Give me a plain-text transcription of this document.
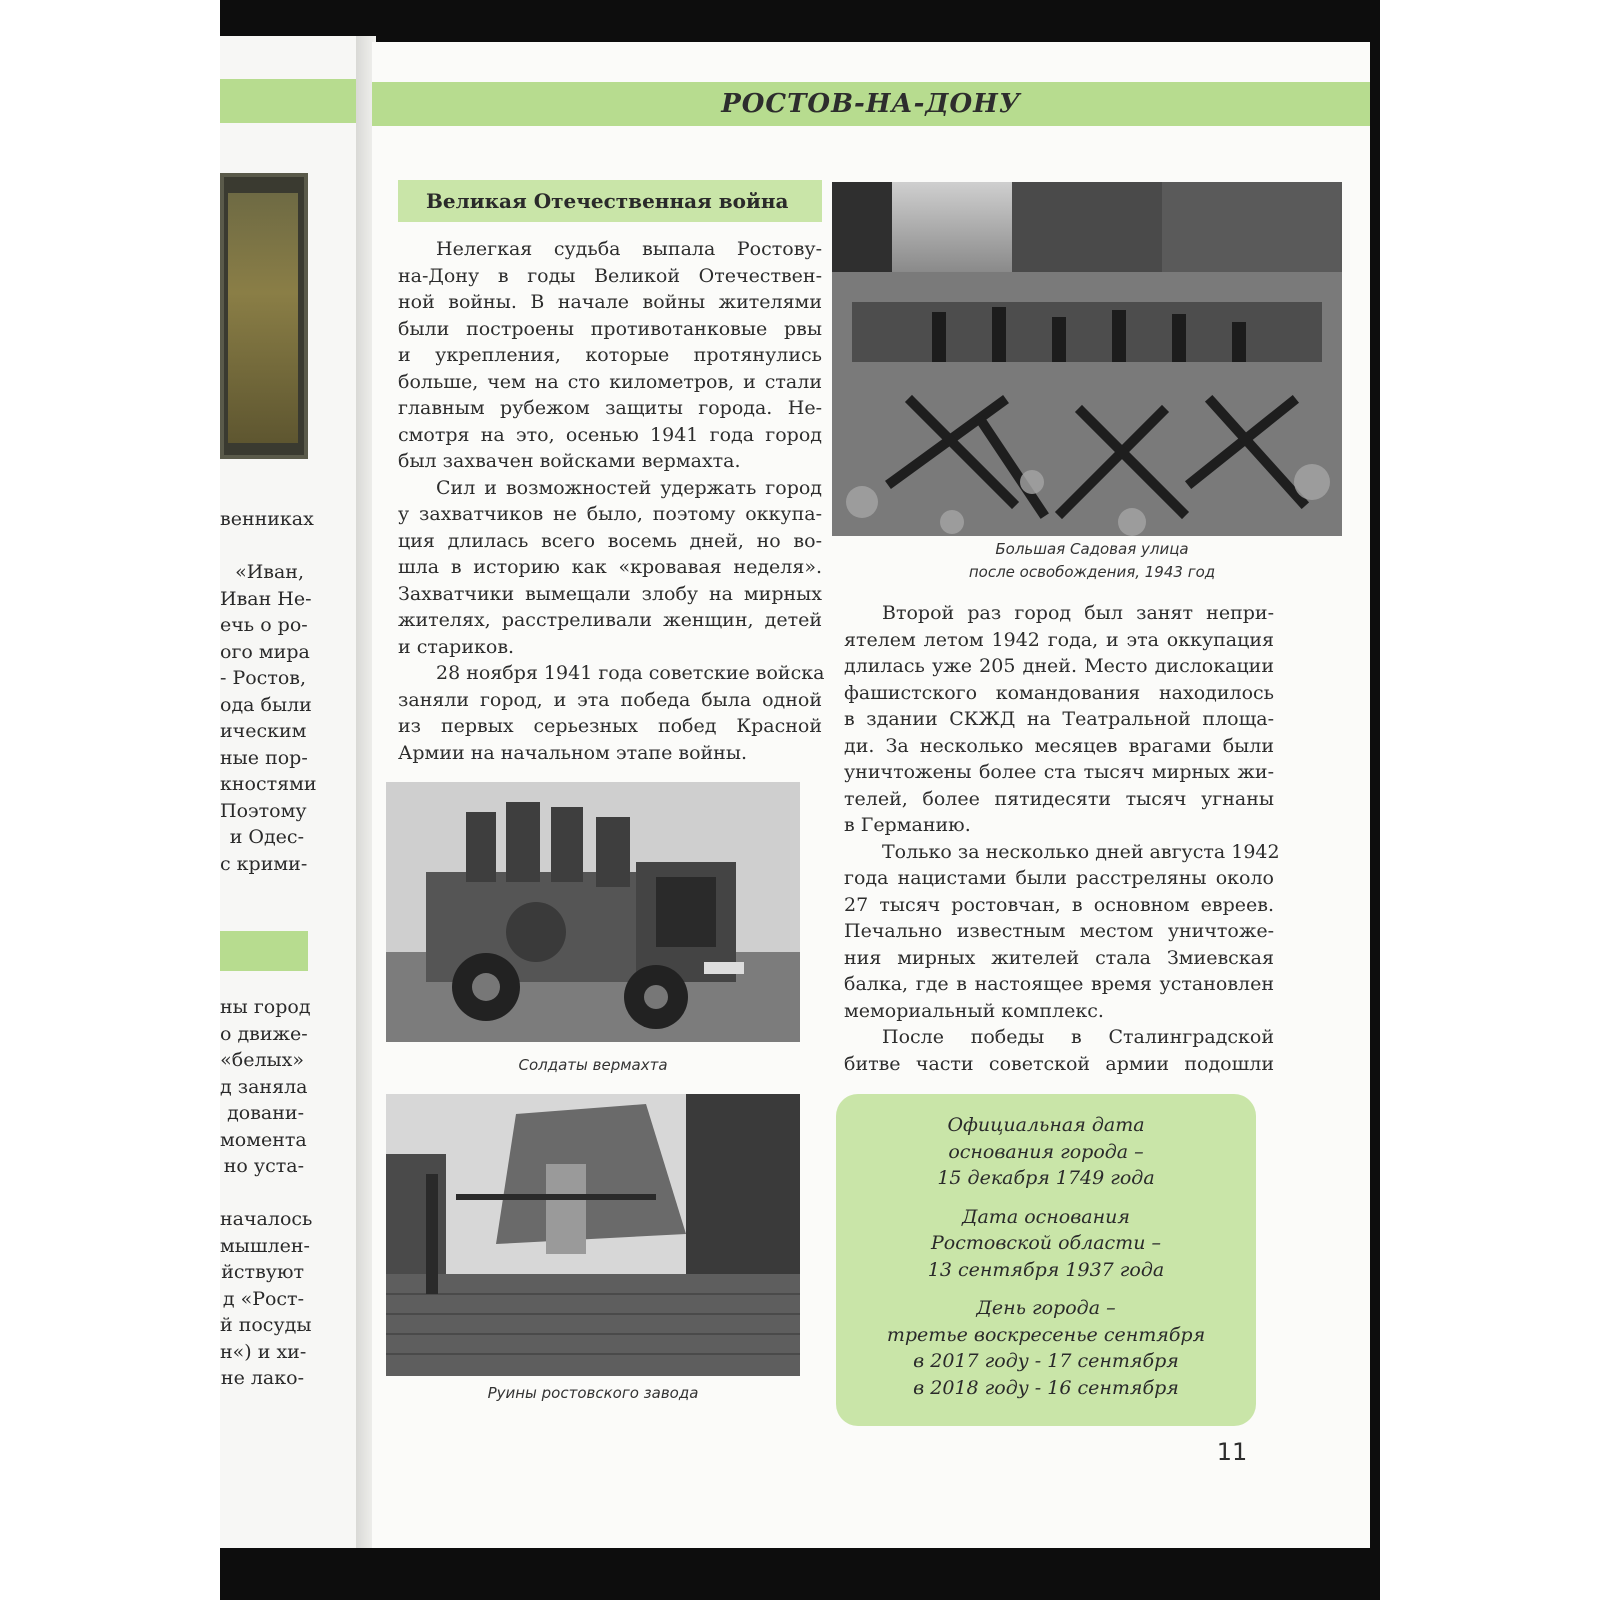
венниках

«Иван,
Иван Не-
ечь о ро-
ого мира
- Ростов,
ода были
ическим
ные пор-
кностями
Поэтому
и Одес-
с крими-
ны город
о движе-
«белых»
д заняла
довани-
момента
но уста-

началось
мышлен-
йствуют
д «Рост-
й посуды
н«) и хи-
не лако-
РОСТОВ-НА-ДОНУ
Великая Отечественная война
Нелегкая судьба выпала Ростову-
на-Дону в годы Великой Отечествен-
ной войны. В начале войны жителями
были построены противотанковые рвы
и укрепления, которые протянулись
больше, чем на сто километров, и стали
главным рубежом защиты города. Не-
смотря на это, осенью 1941 года город
был захвачен войсками вермахта.
Сил и возможностей удержать город
у захватчиков не было, поэтому оккупа-
ция длилась всего восемь дней, но во-
шла в историю как «кровавая неделя».
Захватчики вымещали злобу на мирных
жителях, расстреливали женщин, детей
и стариков.
28 ноября 1941 года советские войска
заняли город, и эта победа была одной
из первых серьезных побед Красной
Армии на начальном этапе войны.
Большая Садовая улица
после освобождения, 1943 год
Второй раз город был занят непри-
ятелем летом 1942 года, и эта оккупация
длилась уже 205 дней. Место дислокации
фашистского командования находилось
в здании СКЖД на Театральной площа-
ди. За несколько месяцев врагами были
уничтожены более ста тысяч мирных жи-
телей, более пятидесяти тысяч угнаны
в Германию.
Только за несколько дней августа 1942
года нацистами были расстреляны около
27 тысяч ростовчан, в основном евреев.
Печально известным местом уничтоже-
ния мирных жителей стала Змиевская
балка, где в настоящее время установлен
мемориальный комплекс.
После победы в Сталинградской
битве части советской армии подошли
Солдаты вермахта
Руины ростовского завода
Официальная дата
основания города –
15 декабря 1749 года
Дата основания
Ростовской области –
13 сентября 1937 года
День города –
третье воскресенье сентября
в 2017 году - 17 сентября
в 2018 году - 16 сентября
11
